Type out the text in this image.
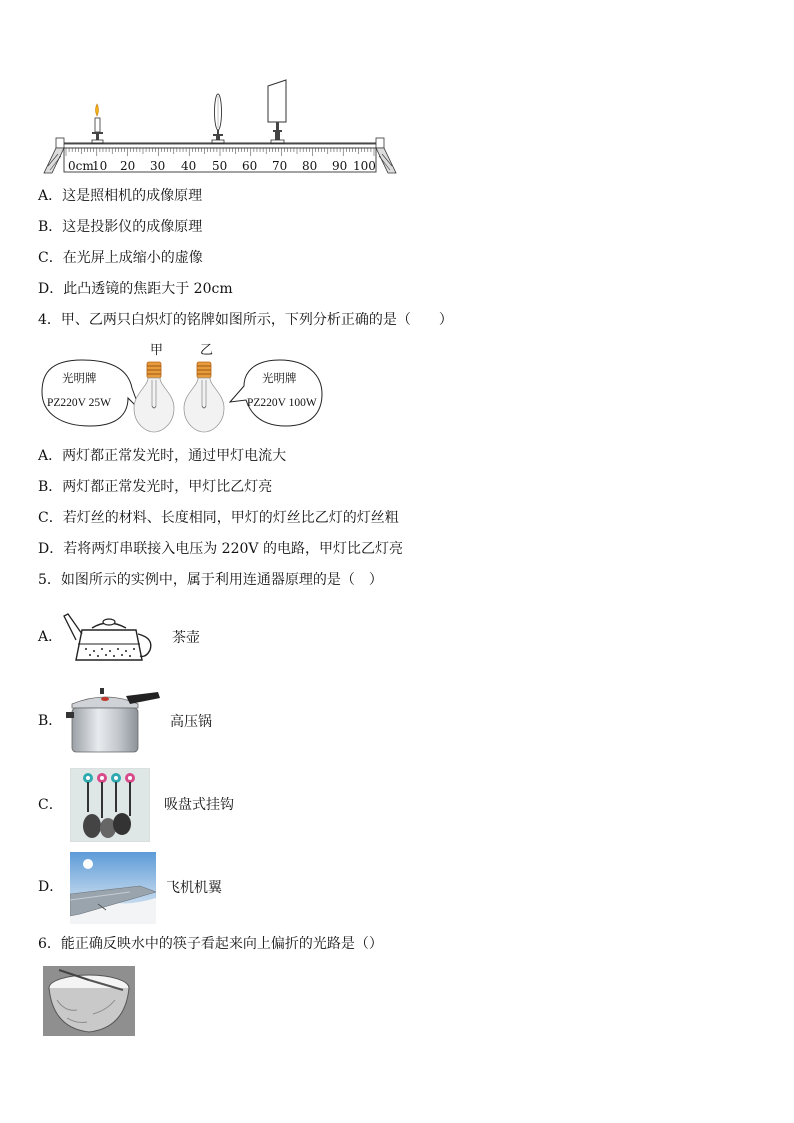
0cm
10 20 30 40 50 60 70 80 90 100
A．这是照相机的成像原理
B．这是投影仪的成像原理
C．在光屏上成缩小的虚像
D．此凸透镜的焦距大于 20cm
4．甲、乙两只白炽灯的铭牌如图所示，下列分析正确的是（　　）
甲	乙
光明牌
PZ220V 25W
光明牌
PZ220V 100W
A．两灯都正常发光时，通过甲灯电流大
B．两灯都正常发光时，甲灯比乙灯亮
C．若灯丝的材料、长度相同，甲灯的灯丝比乙灯的灯丝粗
D．若将两灯串联接入电压为 220V 的电路，甲灯比乙灯亮
5．如图所示的实例中，属于利用连通器原理的是（　）
A．	茶壶
B．	高压锅
C．	吸盘式挂钩
D．	飞机机翼
6．能正确反映水中的筷子看起来向上偏折的光路是（）
